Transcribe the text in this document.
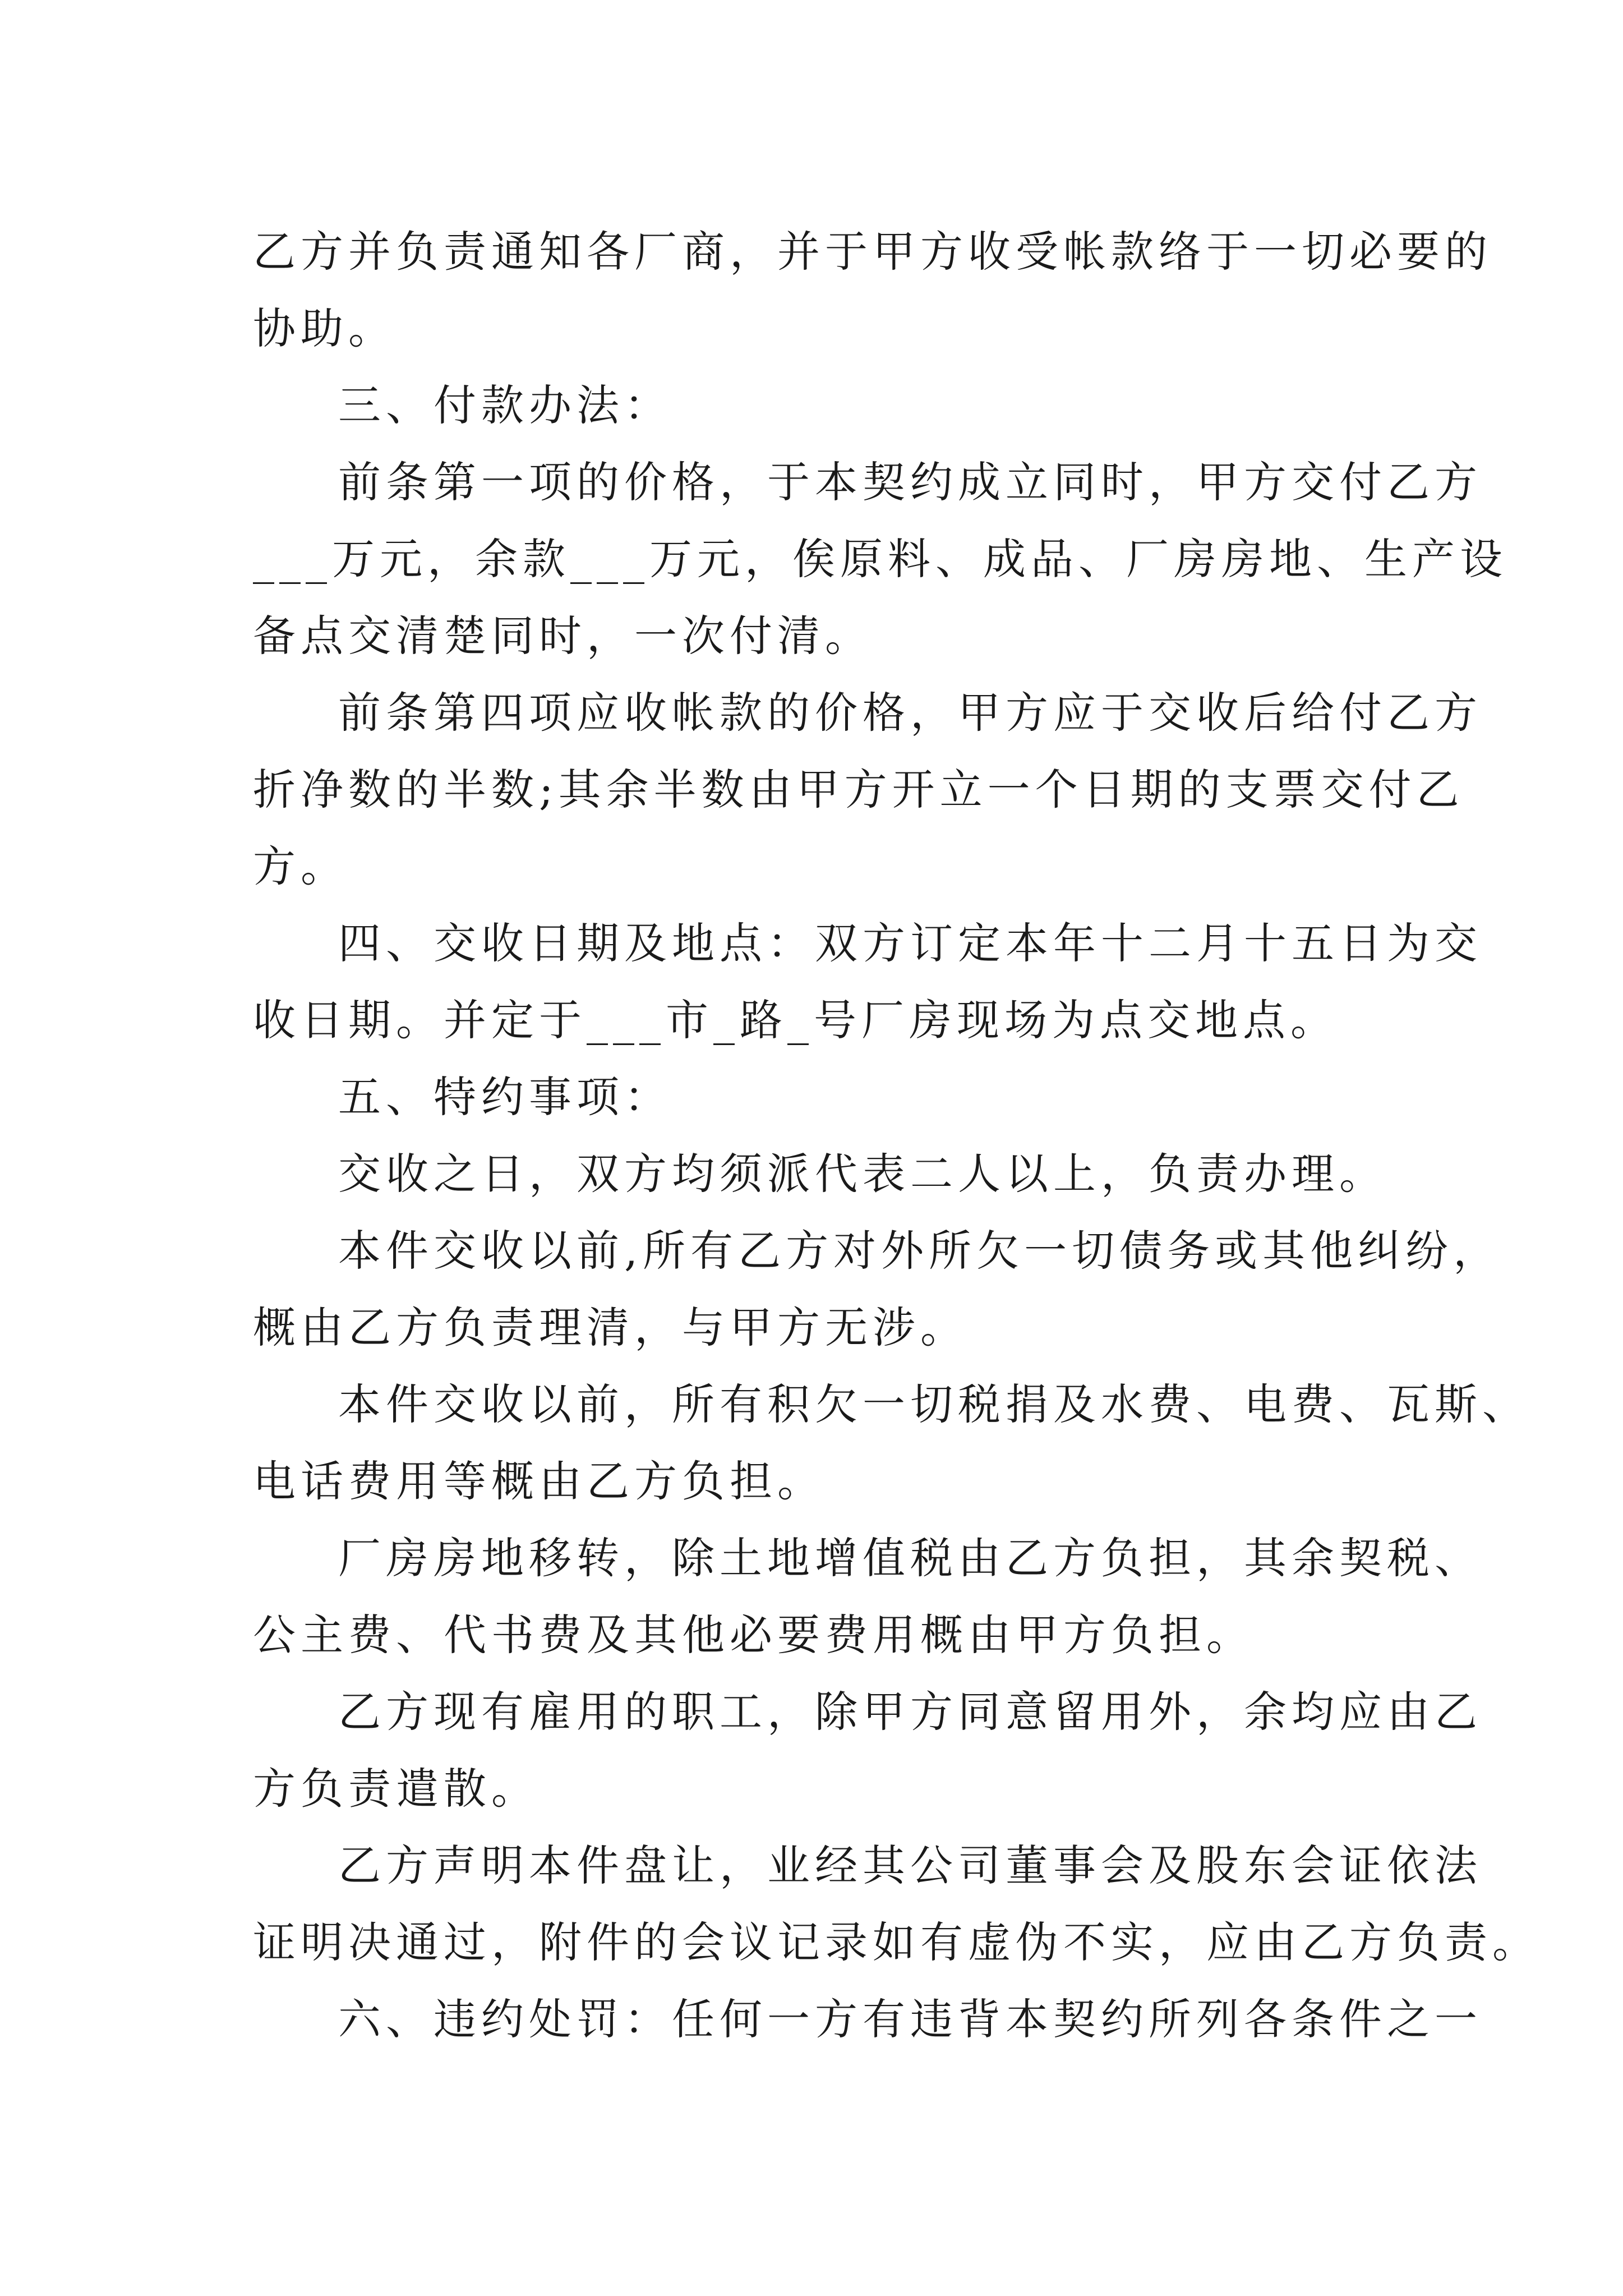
乙方并负责通知各厂商，并于甲方收受帐款络于一切必要的
协助。
三、付款办法：
前条第一项的价格，于本契约成立同时，甲方交付乙方
___万元，余款___万元，俟原料、成品、厂房房地、生产设
备点交清楚同时，一次付清。
前条第四项应收帐款的价格，甲方应于交收后给付乙方
折净数的半数;其余半数由甲方开立一个日期的支票交付乙
方。
四、交收日期及地点：双方订定本年十二月十五日为交
收日期。并定于___市_路_号厂房现场为点交地点。
五、特约事项：
交收之日，双方均须派代表二人以上，负责办理。
本件交收以前,所有乙方对外所欠一切债务或其他纠纷，
概由乙方负责理清，与甲方无涉。
本件交收以前，所有积欠一切税捐及水费、电费、瓦斯、
电话费用等概由乙方负担。
厂房房地移转，除土地增值税由乙方负担，其余契税、
公主费、代书费及其他必要费用概由甲方负担。
乙方现有雇用的职工，除甲方同意留用外，余均应由乙
方负责遣散。
乙方声明本件盘让，业经其公司董事会及股东会证依法
证明决通过，附件的会议记录如有虚伪不实，应由乙方负责。
六、违约处罚：任何一方有违背本契约所列各条件之一
